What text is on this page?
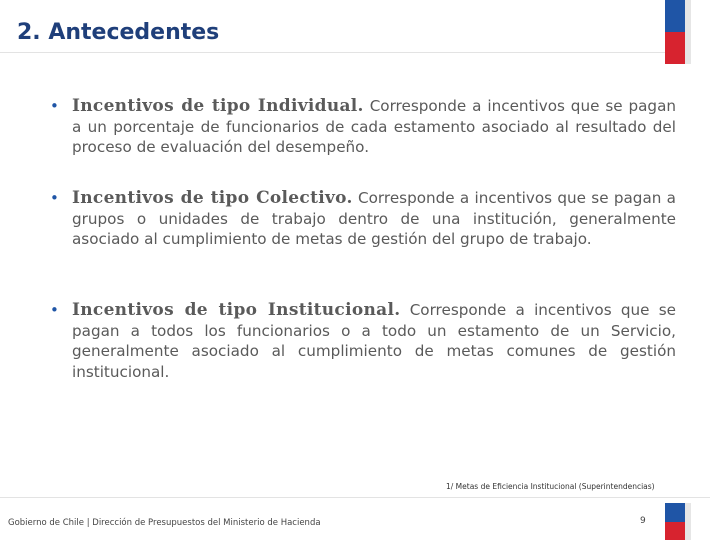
2. Antecedentes
• Incentivos de tipo Individual. Corresponde a incentivos que se pagan a un porcentaje de funcionarios de cada estamento asociado al resultado del proceso de evaluación del desempeño.
• Incentivos de tipo Colectivo. Corresponde a incentivos que se pagan a grupos o unidades de trabajo dentro de una institución, generalmente asociado al cumplimiento de metas de gestión del grupo de trabajo.
• Incentivos de tipo Institucional. Corresponde a incentivos que se pagan a todos los funcionarios o a todo un estamento de un Servicio, generalmente asociado al cumplimiento de metas comunes de gestión institucional.
1/ Metas de Eficiencia Institucional (Superintendencias)
Gobierno de Chile | Dirección de Presupuestos del Ministerio de Hacienda	9
